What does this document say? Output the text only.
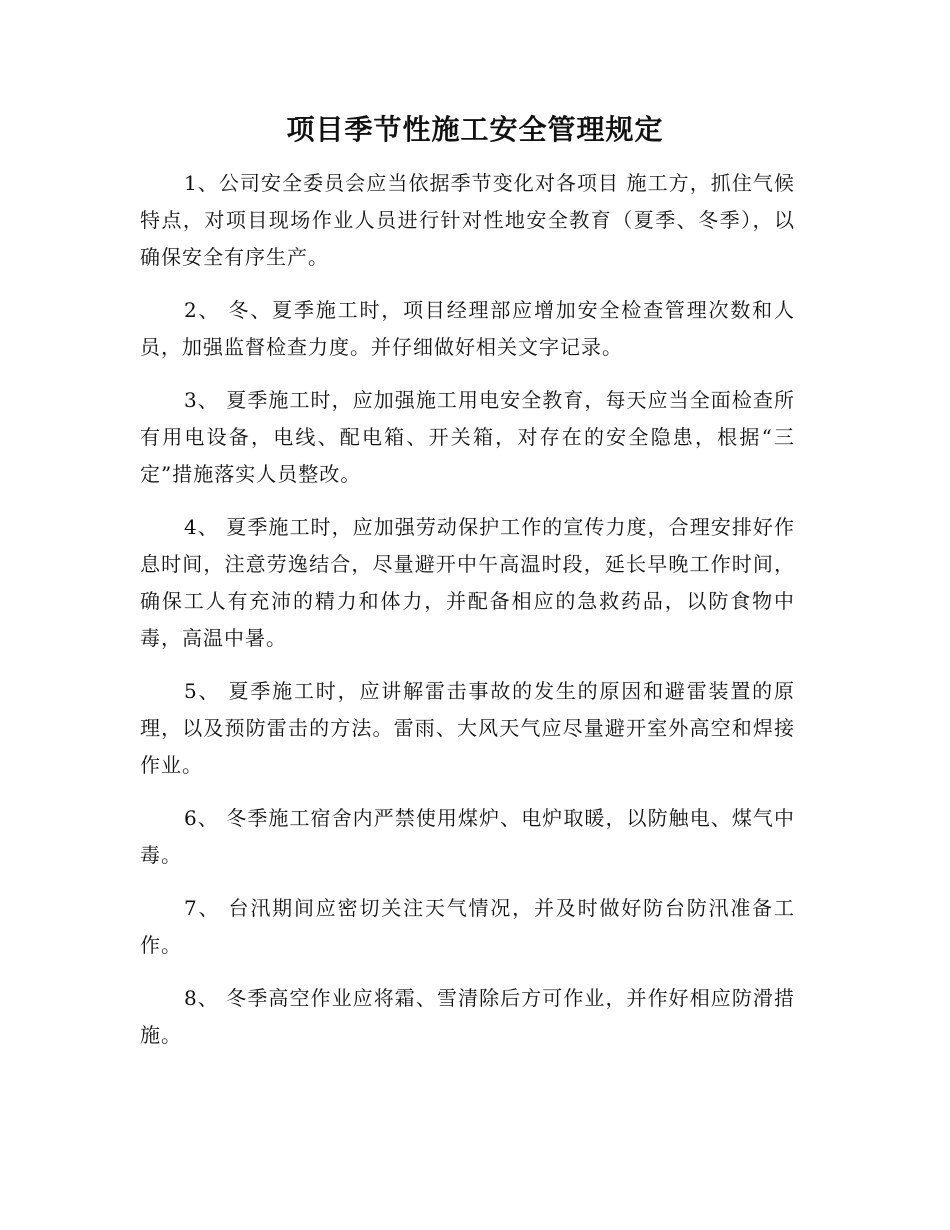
项目季节性施工安全管理规定

1、公司安全委员会应当依据季节变化对各项目 施工方，抓住气候特点，对项目现场作业人员进行针对性地安全教育（夏季、冬季），以确保安全有序生产。

2、 冬、夏季施工时，项目经理部应增加安全检查管理次数和人员，加强监督检查力度。并仔细做好相关文字记录。

3、 夏季施工时，应加强施工用电安全教育，每天应当全面检查所有用电设备，电线、配电箱、开关箱，对存在的安全隐患，根据“三定”措施落实人员整改。

4、 夏季施工时，应加强劳动保护工作的宣传力度，合理安排好作息时间，注意劳逸结合，尽量避开中午高温时段，延长早晚工作时间，确保工人有充沛的精力和体力，并配备相应的急救药品，以防食物中毒，高温中暑。

5、 夏季施工时，应讲解雷击事故的发生的原因和避雷装置的原理，以及预防雷击的方法。雷雨、大风天气应尽量避开室外高空和焊接作业。

6、 冬季施工宿舍内严禁使用煤炉、电炉取暖，以防触电、煤气中毒。

7、 台汛期间应密切关注天气情况，并及时做好防台防汛准备工作。

8、 冬季高空作业应将霜、雪清除后方可作业，并作好相应防滑措施。
